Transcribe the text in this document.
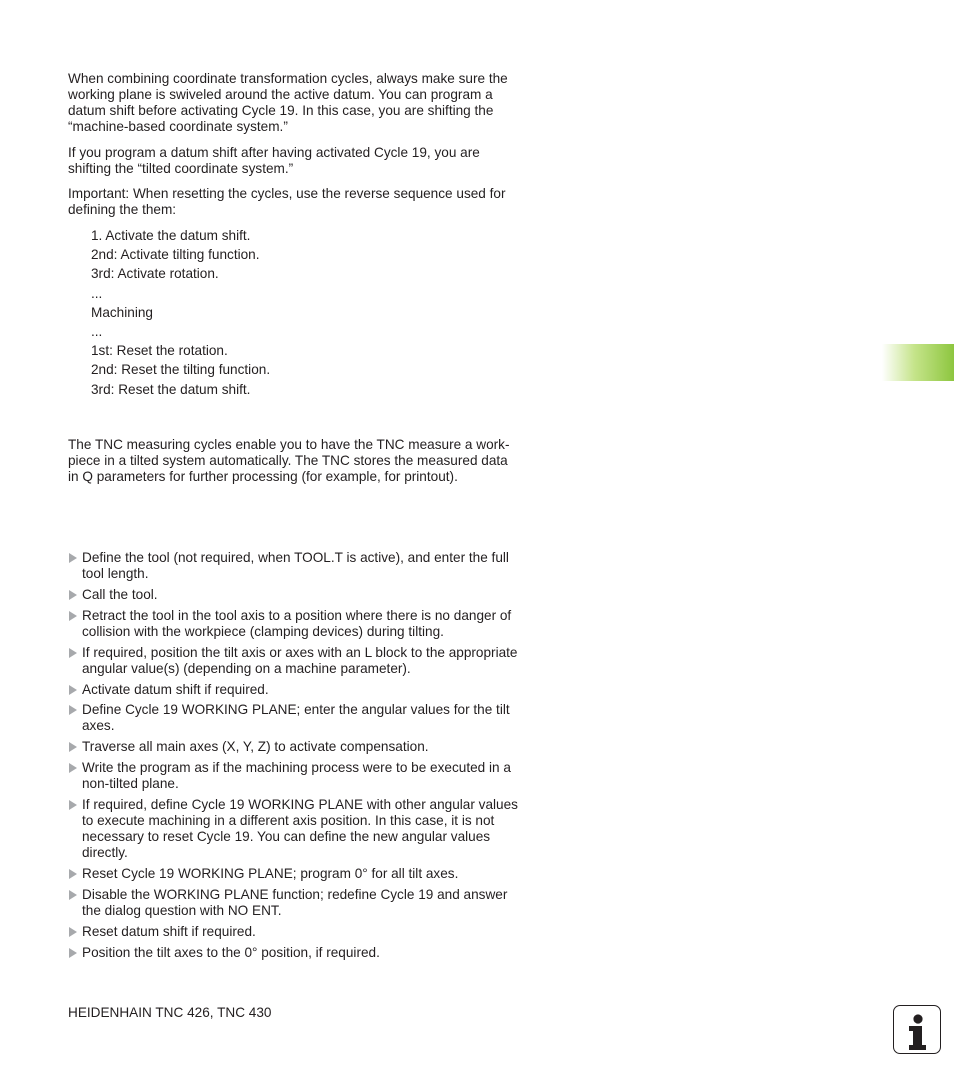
When combining coordinate transformation cycles, always make sure the working plane is swiveled around the active datum. You can program a datum shift before activating Cycle 19. In this case, you are shifting the “machine-based coordinate system.”

If you program a datum shift after having activated Cycle 19, you are shifting the “tilted coordinate system.”

Important: When resetting the cycles, use the reverse sequence used for defining the them:

1. Activate the datum shift.
2nd: Activate tilting function.
3rd: Activate rotation.
...
Machining
...
1st: Reset the rotation.
2nd: Reset the tilting function.
3rd: Reset the datum shift.

The TNC measuring cycles enable you to have the TNC measure a work-piece in a tilted system automatically. The TNC stores the measured data in Q parameters for further processing (for example, for printout).

Define the tool (not required, when TOOL.T is active), and enter the full tool length.
Call the tool.
Retract the tool in the tool axis to a position where there is no danger of collision with the workpiece (clamping devices) during tilting.
If required, position the tilt axis or axes with an L block to the appropriate angular value(s) (depending on a machine parameter).
Activate datum shift if required.
Define Cycle 19 WORKING PLANE; enter the angular values for the tilt axes.
Traverse all main axes (X, Y, Z) to activate compensation.
Write the program as if the machining process were to be executed in a non-tilted plane.
If required, define Cycle 19 WORKING PLANE with other angular values to execute machining in a different axis position. In this case, it is not necessary to reset Cycle 19. You can define the new angular values directly.
Reset Cycle 19 WORKING PLANE; program 0° for all tilt axes.
Disable the WORKING PLANE function; redefine Cycle 19 and answer the dialog question with NO ENT.
Reset datum shift if required.
Position the tilt axes to the 0° position, if required.
HEIDENHAIN TNC 426, TNC 430
